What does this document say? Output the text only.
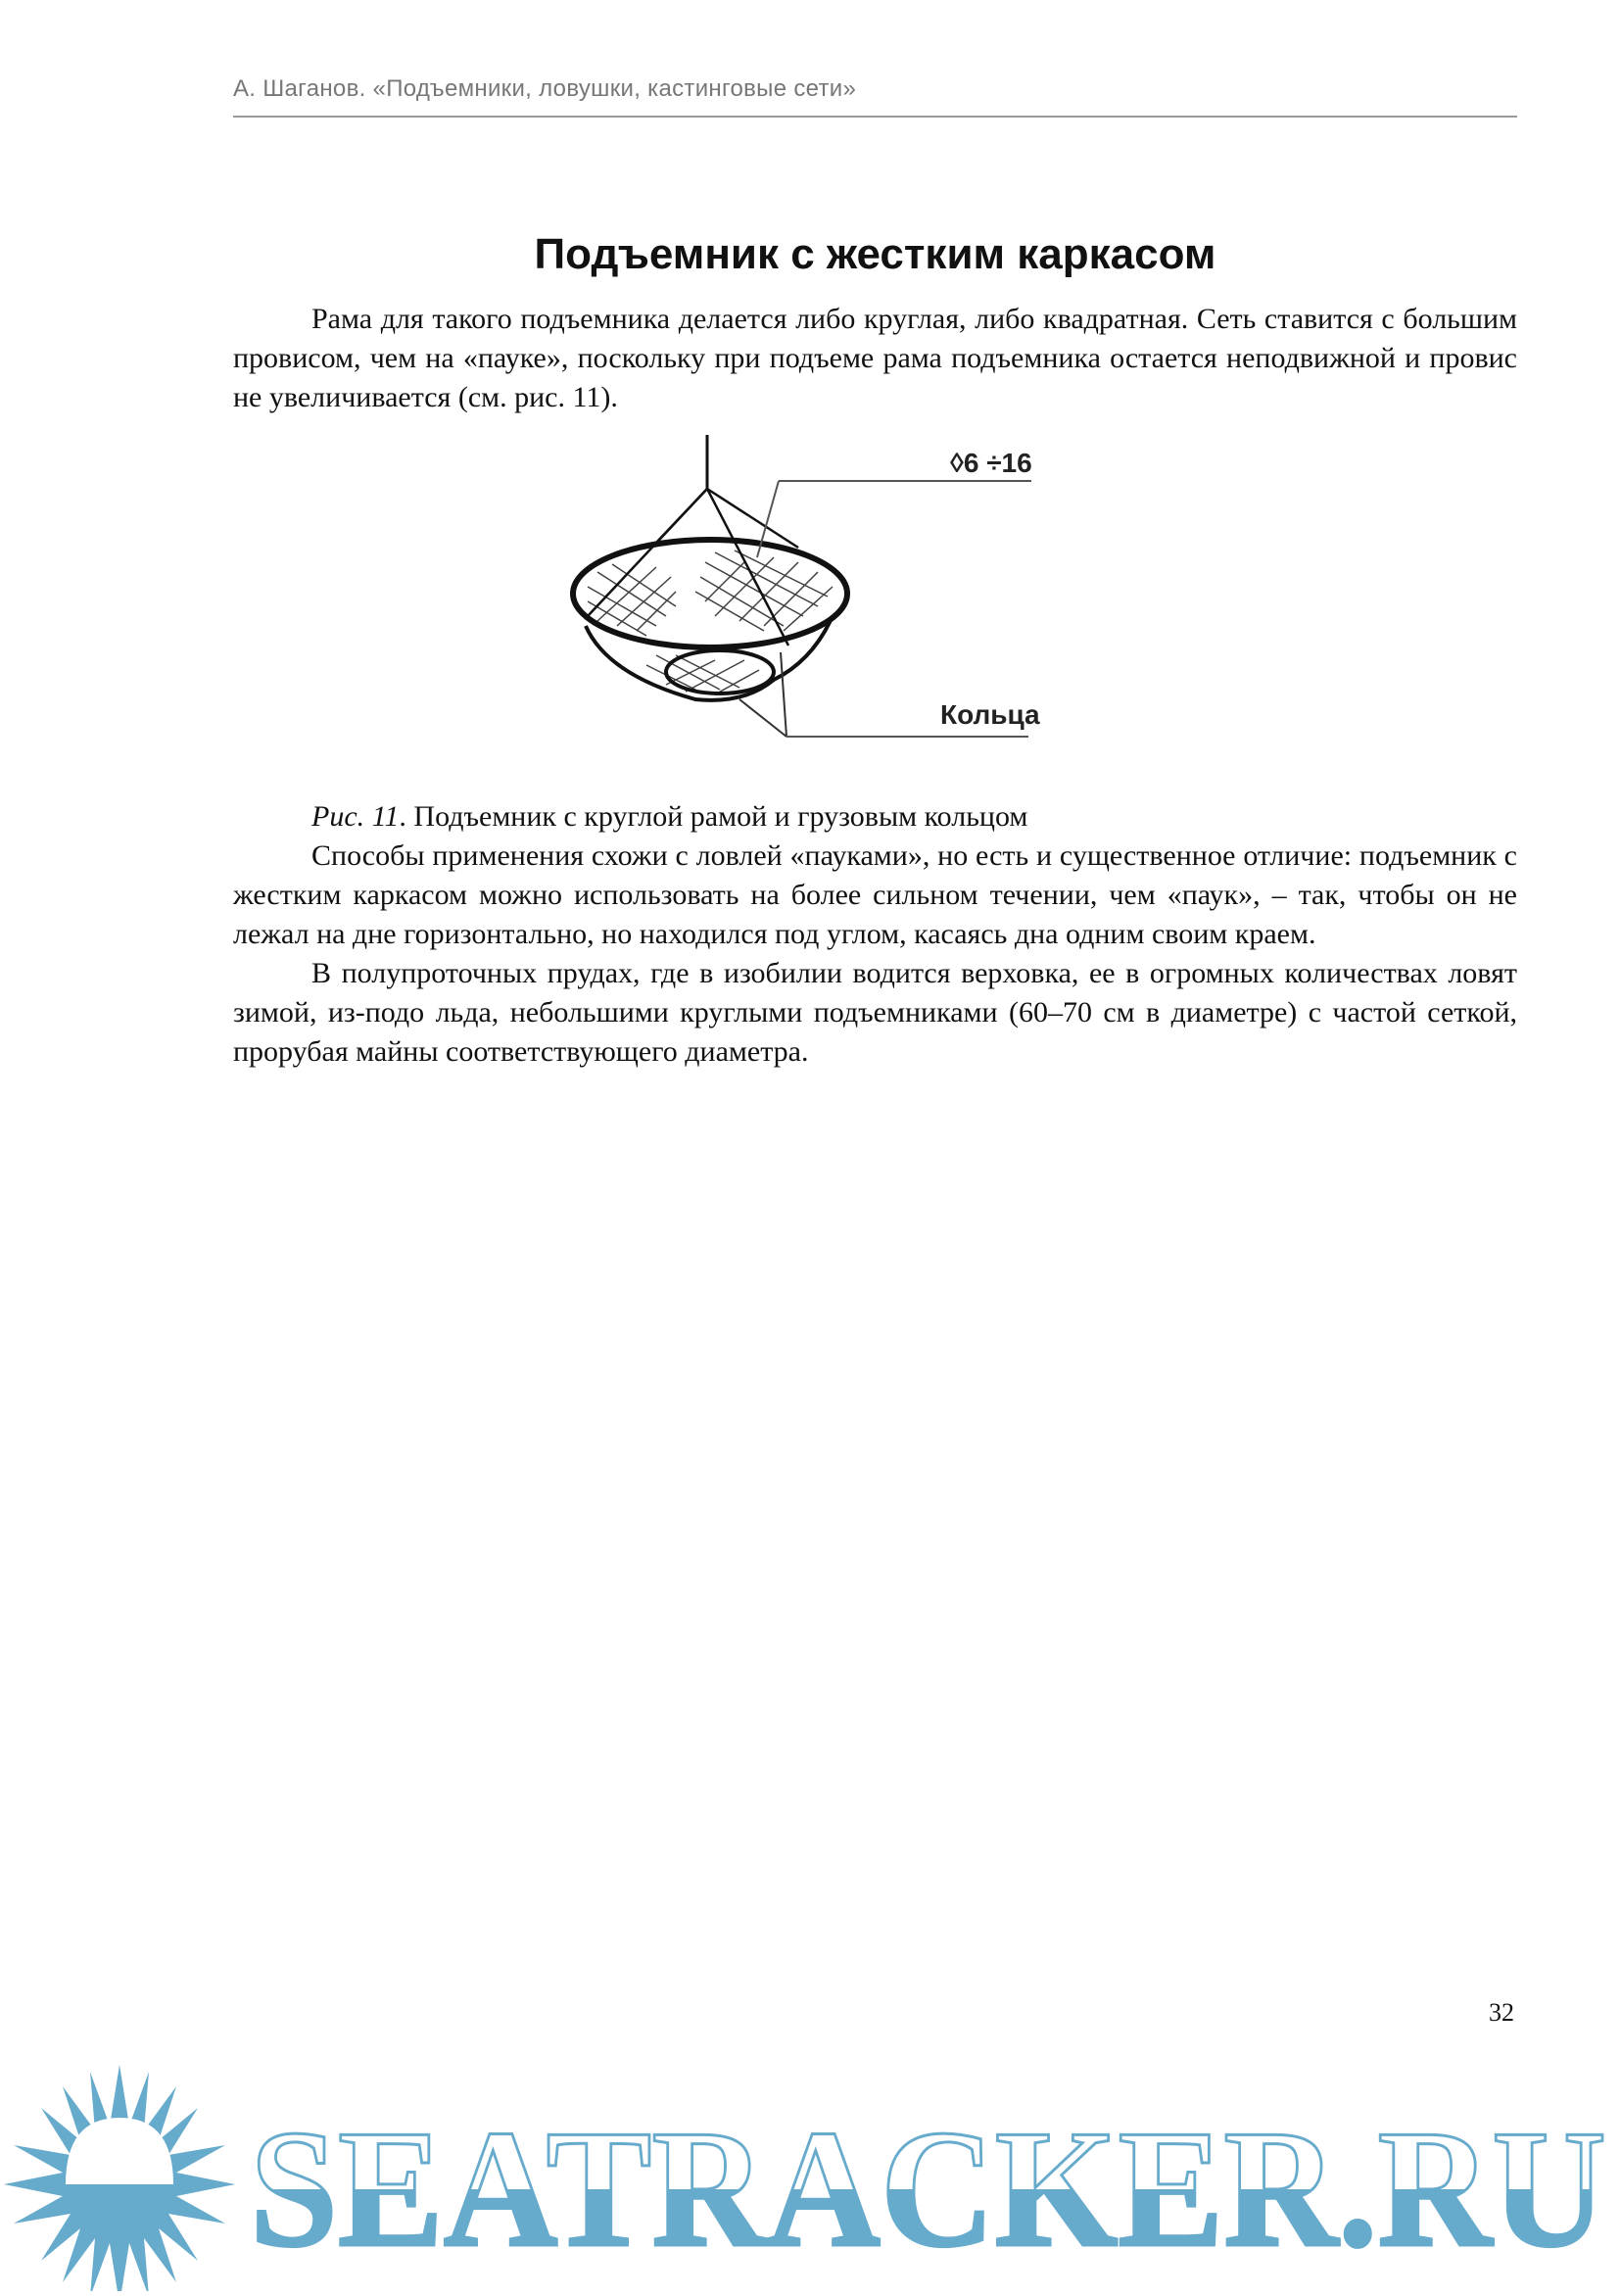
А. Шаганов. «Подъемники, ловушки, кастинговые сети»
Подъемник с жестким каркасом

Рама для такого подъемника делается либо круглая, либо квадратная. Сеть ставится с большим провисом, чем на «пауке», поскольку при подъеме рама подъемника остается неподвижной и провис не увеличивается (см. рис. 11).

◊6 ÷16
Кольца
Рис. 11. Подъемник с круглой рамой и грузовым кольцом

Способы применения схожи с ловлей «пауками», но есть и существенное отличие: подъемник с жестким каркасом можно использовать на более сильном течении, чем «паук», – так, чтобы он не лежал на дне горизонтально, но находился под углом, касаясь дна одним своим краем.

В полупроточных прудах, где в изобилии водится верховка, ее в огромных количествах ловят зимой, из-подо льда, небольшими круглыми подъемниками (60–70 см в диаметре) с частой сеткой, прорубая майны соответствующего диаметра.

SEATRACKER.RU
32
